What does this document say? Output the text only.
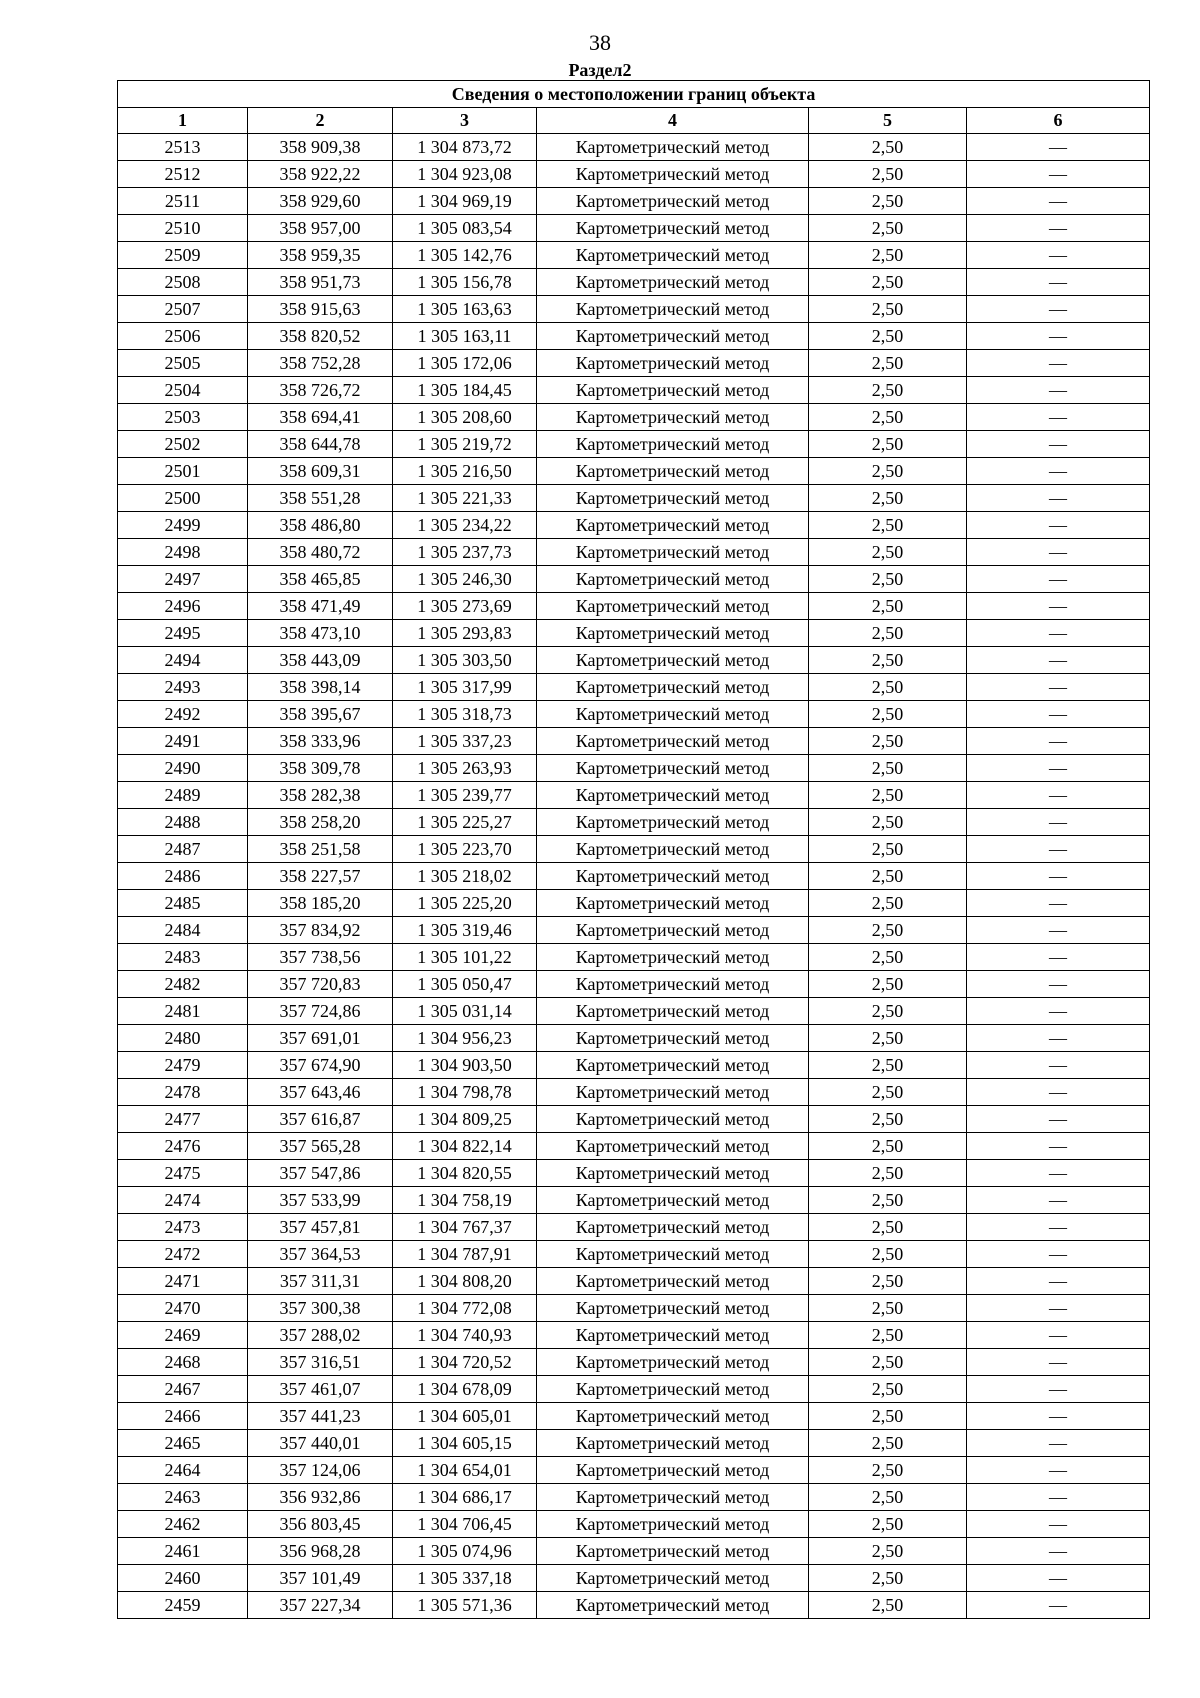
38
Раздел2
Сведения о местоположении границ объекта					
1	2	3	4	5	6
2513	358 909,38	1 304 873,72	Картометрический метод	2,50	—
2512	358 922,22	1 304 923,08	Картометрический метод	2,50	—
2511	358 929,60	1 304 969,19	Картометрический метод	2,50	—
2510	358 957,00	1 305 083,54	Картометрический метод	2,50	—
2509	358 959,35	1 305 142,76	Картометрический метод	2,50	—
2508	358 951,73	1 305 156,78	Картометрический метод	2,50	—
2507	358 915,63	1 305 163,63	Картометрический метод	2,50	—
2506	358 820,52	1 305 163,11	Картометрический метод	2,50	—
2505	358 752,28	1 305 172,06	Картометрический метод	2,50	—
2504	358 726,72	1 305 184,45	Картометрический метод	2,50	—
2503	358 694,41	1 305 208,60	Картометрический метод	2,50	—
2502	358 644,78	1 305 219,72	Картометрический метод	2,50	—
2501	358 609,31	1 305 216,50	Картометрический метод	2,50	—
2500	358 551,28	1 305 221,33	Картометрический метод	2,50	—
2499	358 486,80	1 305 234,22	Картометрический метод	2,50	—
2498	358 480,72	1 305 237,73	Картометрический метод	2,50	—
2497	358 465,85	1 305 246,30	Картометрический метод	2,50	—
2496	358 471,49	1 305 273,69	Картометрический метод	2,50	—
2495	358 473,10	1 305 293,83	Картометрический метод	2,50	—
2494	358 443,09	1 305 303,50	Картометрический метод	2,50	—
2493	358 398,14	1 305 317,99	Картометрический метод	2,50	—
2492	358 395,67	1 305 318,73	Картометрический метод	2,50	—
2491	358 333,96	1 305 337,23	Картометрический метод	2,50	—
2490	358 309,78	1 305 263,93	Картометрический метод	2,50	—
2489	358 282,38	1 305 239,77	Картометрический метод	2,50	—
2488	358 258,20	1 305 225,27	Картометрический метод	2,50	—
2487	358 251,58	1 305 223,70	Картометрический метод	2,50	—
2486	358 227,57	1 305 218,02	Картометрический метод	2,50	—
2485	358 185,20	1 305 225,20	Картометрический метод	2,50	—
2484	357 834,92	1 305 319,46	Картометрический метод	2,50	—
2483	357 738,56	1 305 101,22	Картометрический метод	2,50	—
2482	357 720,83	1 305 050,47	Картометрический метод	2,50	—
2481	357 724,86	1 305 031,14	Картометрический метод	2,50	—
2480	357 691,01	1 304 956,23	Картометрический метод	2,50	—
2479	357 674,90	1 304 903,50	Картометрический метод	2,50	—
2478	357 643,46	1 304 798,78	Картометрический метод	2,50	—
2477	357 616,87	1 304 809,25	Картометрический метод	2,50	—
2476	357 565,28	1 304 822,14	Картометрический метод	2,50	—
2475	357 547,86	1 304 820,55	Картометрический метод	2,50	—
2474	357 533,99	1 304 758,19	Картометрический метод	2,50	—
2473	357 457,81	1 304 767,37	Картометрический метод	2,50	—
2472	357 364,53	1 304 787,91	Картометрический метод	2,50	—
2471	357 311,31	1 304 808,20	Картометрический метод	2,50	—
2470	357 300,38	1 304 772,08	Картометрический метод	2,50	—
2469	357 288,02	1 304 740,93	Картометрический метод	2,50	—
2468	357 316,51	1 304 720,52	Картометрический метод	2,50	—
2467	357 461,07	1 304 678,09	Картометрический метод	2,50	—
2466	357 441,23	1 304 605,01	Картометрический метод	2,50	—
2465	357 440,01	1 304 605,15	Картометрический метод	2,50	—
2464	357 124,06	1 304 654,01	Картометрический метод	2,50	—
2463	356 932,86	1 304 686,17	Картометрический метод	2,50	—
2462	356 803,45	1 304 706,45	Картометрический метод	2,50	—
2461	356 968,28	1 305 074,96	Картометрический метод	2,50	—
2460	357 101,49	1 305 337,18	Картометрический метод	2,50	—
2459	357 227,34	1 305 571,36	Картометрический метод	2,50	—
